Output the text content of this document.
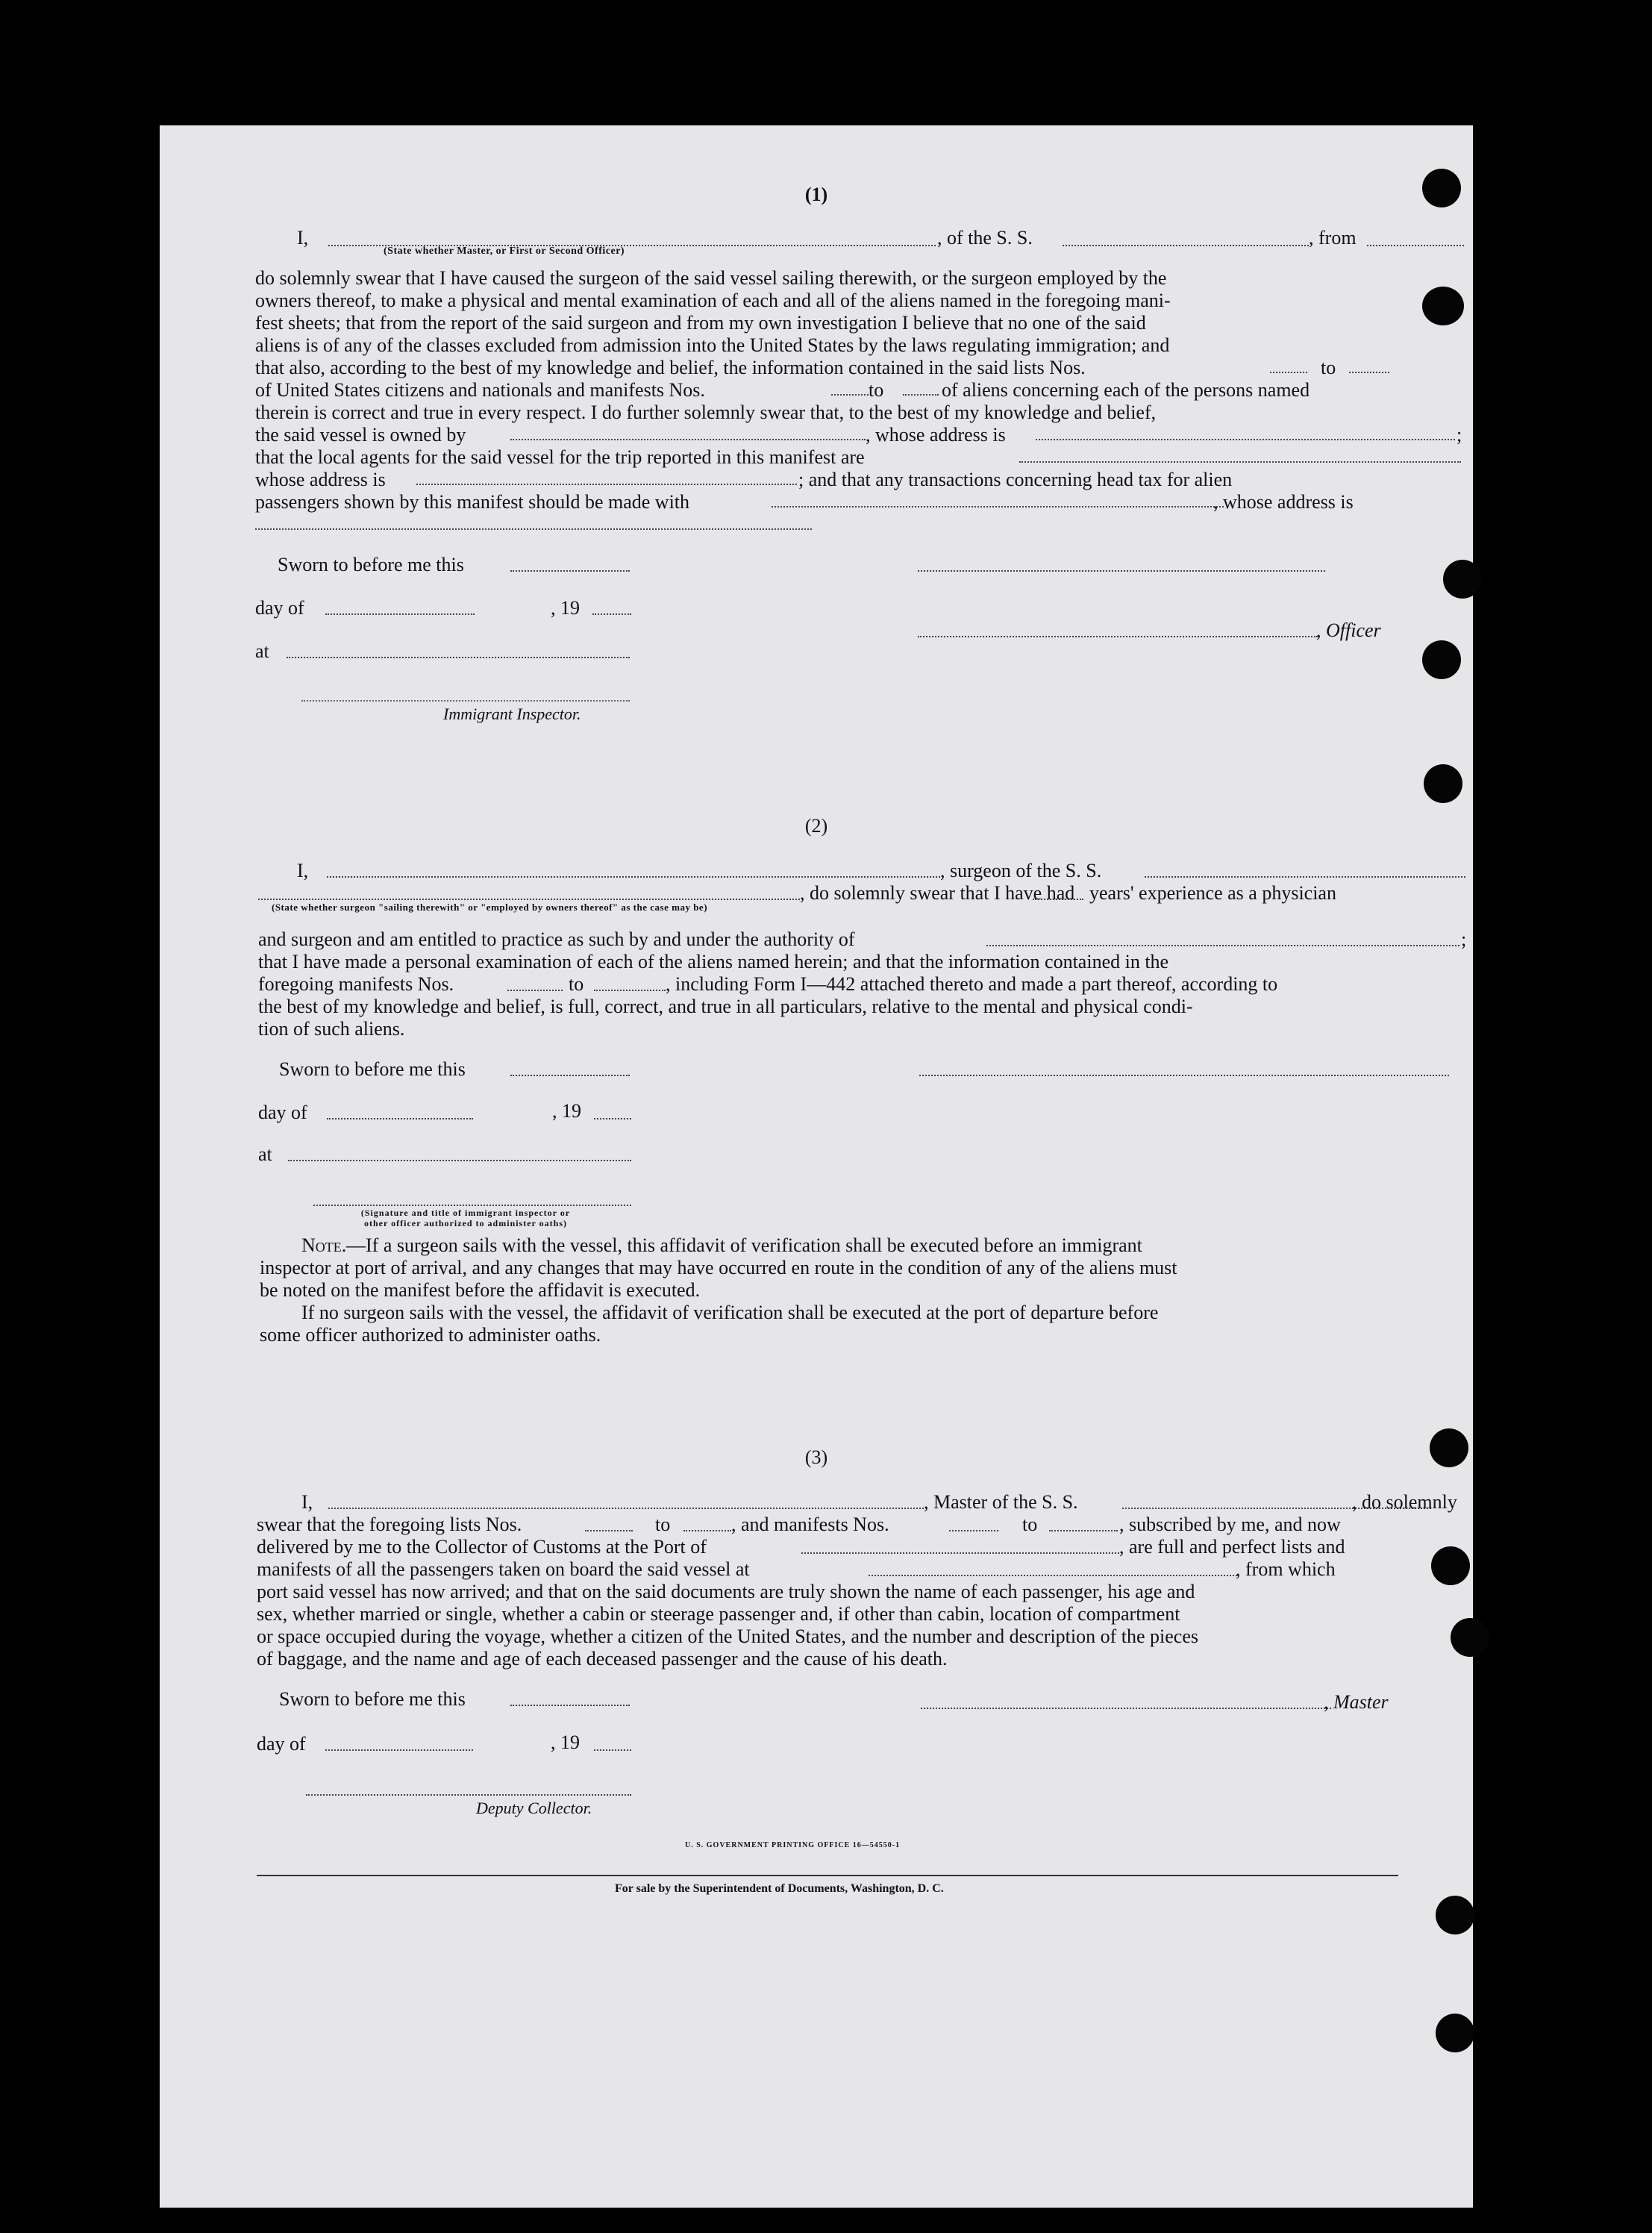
(1)
I,
(State whether Master, or First or Second Officer)
, of the S. S.	, from

do solemnly swear that I have caused the surgeon of the said vessel sailing therewith, or the surgeon employed by the

owners thereof, to make a physical and mental examination of each and all of the aliens named in the foregoing mani-

fest sheets; that from the report of the said surgeon and from my own investigation I believe that no one of the said

aliens is of any of the classes excluded from admission into the United States by the laws regulating immigration; and

that also, according to the best of my knowledge and belief, the information contained in the said lists Nos.	to
of United States citizens and nationals and manifests Nos.	to	of aliens concerning each of the persons named
therein is correct and true in every respect. I do further solemnly swear that, to the best of my knowledge and belief,
the said vessel is owned by	, whose address is	;
that the local agents for the said vessel for the trip reported in this manifest are
whose address is	; and that any transactions concerning head tax for alien
passengers shown by this manifest should be made with	, whose address is
Sworn to before me this
day of	, 19
, Officer
at
Immigrant Inspector.
(2)
I,	, surgeon of the S. S.
(State whether surgeon "sailing therewith" or "employed by owners thereof" as the case may be)
, do solemnly swear that I have had years' experience as a physician
and surgeon and am entitled to practice as such by and under the authority of	;
that I have made a personal examination of each of the aliens named herein; and that the information contained in the
foregoing manifests Nos.	to	, including Form I—442 attached thereto and made a part thereof, according to
the best of my knowledge and belief, is full, correct, and true in all particulars, relative to the mental and physical condi-
tion of such aliens.
Sworn to before me this
day of	, 19
at
(Signature and title of immigrant inspector or
other officer authorized to administer oaths)
Note. —If a surgeon sails with the vessel, this affidavit of verification shall be executed before an immigrant
inspector at port of arrival, and any changes that may have occurred en route in the condition of any of the aliens must
be noted on the manifest before the affidavit is executed.
If no surgeon sails with the vessel, the affidavit of verification shall be executed at the port of departure before
some officer authorized to administer oaths.
(3)
I,	, Master of the S. S.	, do solemnly
swear that the foregoing lists Nos.	to	, and manifests Nos.	to	, subscribed by me, and now
delivered by me to the Collector of Customs at the Port of	, are full and perfect lists and
manifests of all the passengers taken on board the said vessel at	, from which
port said vessel has now arrived; and that on the said documents are truly shown the name of each passenger, his age and
sex, whether married or single, whether a cabin or steerage passenger and, if other than cabin, location of compartment
or space occupied during the voyage, whether a citizen of the United States, and the number and description of the pieces
of baggage, and the name and age of each deceased passenger and the cause of his death.
Sworn to before me this	, Master
day of	, 19
Deputy Collector.
U. S. GOVERNMENT PRINTING OFFICE 16—54550-1
For sale by the Superintendent of Documents, Washington, D. C.
